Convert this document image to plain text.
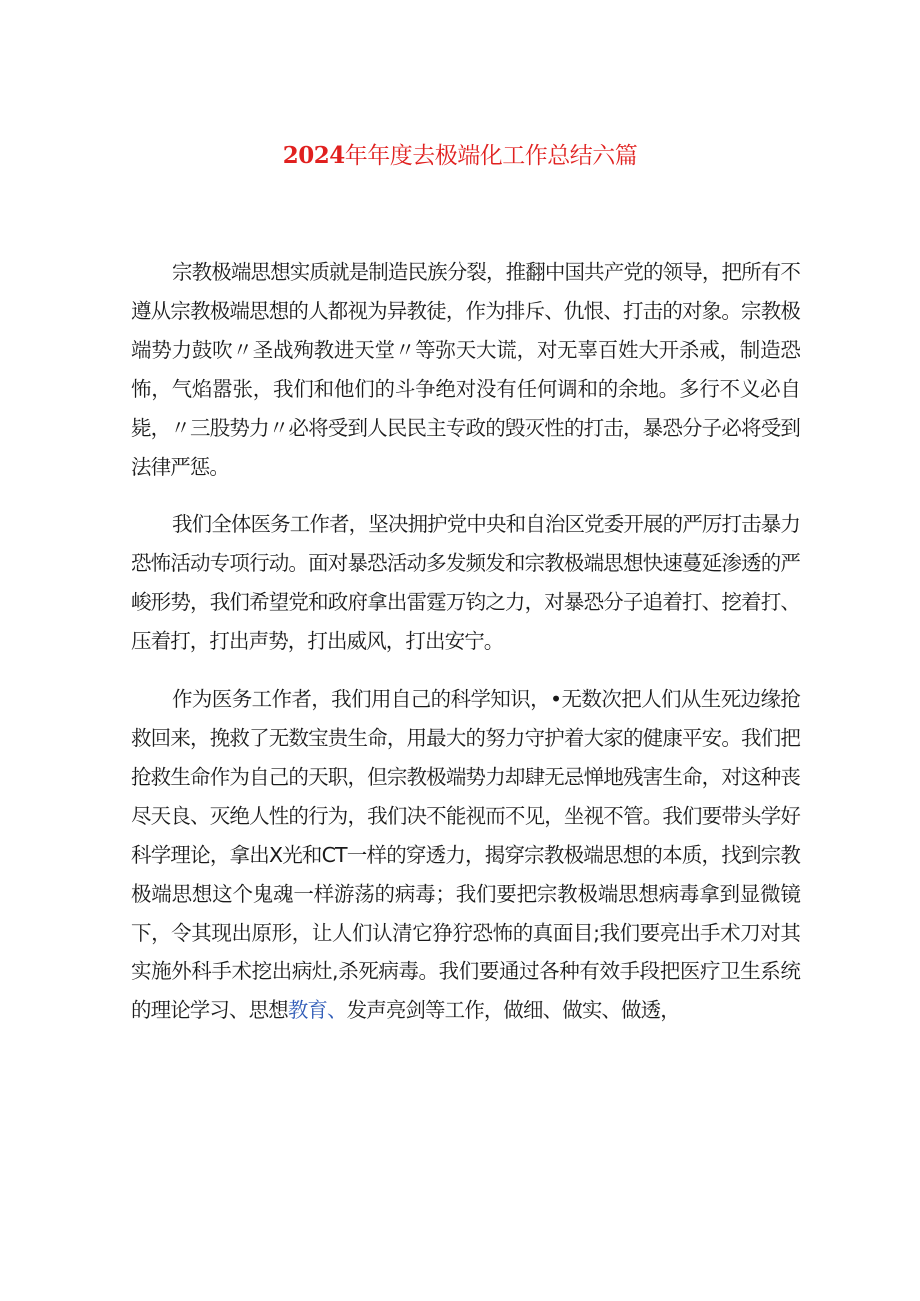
2024年年度去极端化工作总结六篇

宗教极端思想实质就是制造民族分裂，推翻中国共产党的领导，把所有不遵从宗教极端思想的人都视为异教徒，作为排斥、仇恨、打击的对象。宗教极端势力鼓吹〃圣战殉教进天堂〃等弥天大谎，对无辜百姓大开杀戒，制造恐怖，气焰嚣张，我们和他们的斗争绝对没有任何调和的余地。多行不义必自毙，〃三股势力〃必将受到人民民主专政的毁灭性的打击，暴恐分子必将受到法律严惩。

我们全体医务工作者，坚决拥护党中央和自治区党委开展的严厉打击暴力恐怖活动专项行动。面对暴恐活动多发频发和宗教极端思想快速蔓延渗透的严峻形势，我们希望党和政府拿出雷霆万钧之力，对暴恐分子追着打、挖着打、压着打，打出声势，打出威风，打出安宁。

作为医务工作者，我们用自己的科学知识，•无数次把人们从生死边缘抢救回来，挽救了无数宝贵生命，用最大的努力守护着大家的健康平安。我们把抢救生命作为自己的天职，但宗教极端势力却肆无忌惮地残害生命，对这种丧尽天良、灭绝人性的行为，我们决不能视而不见，坐视不管。我们要带头学好科学理论，拿出X光和CT一样的穿透力，揭穿宗教极端思想的本质，找到宗教极端思想这个鬼魂一样游荡的病毒；我们要把宗教极端思想病毒拿到显微镜下，令其现出原形，让人们认清它狰狞恐怖的真面目;我们要亮出手术刀对其实施外科手术挖出病灶,杀死病毒。我们要通过各种有效手段把医疗卫生系统的理论学习、思想教育、发声亮剑等工作，做细、做实、做透，
